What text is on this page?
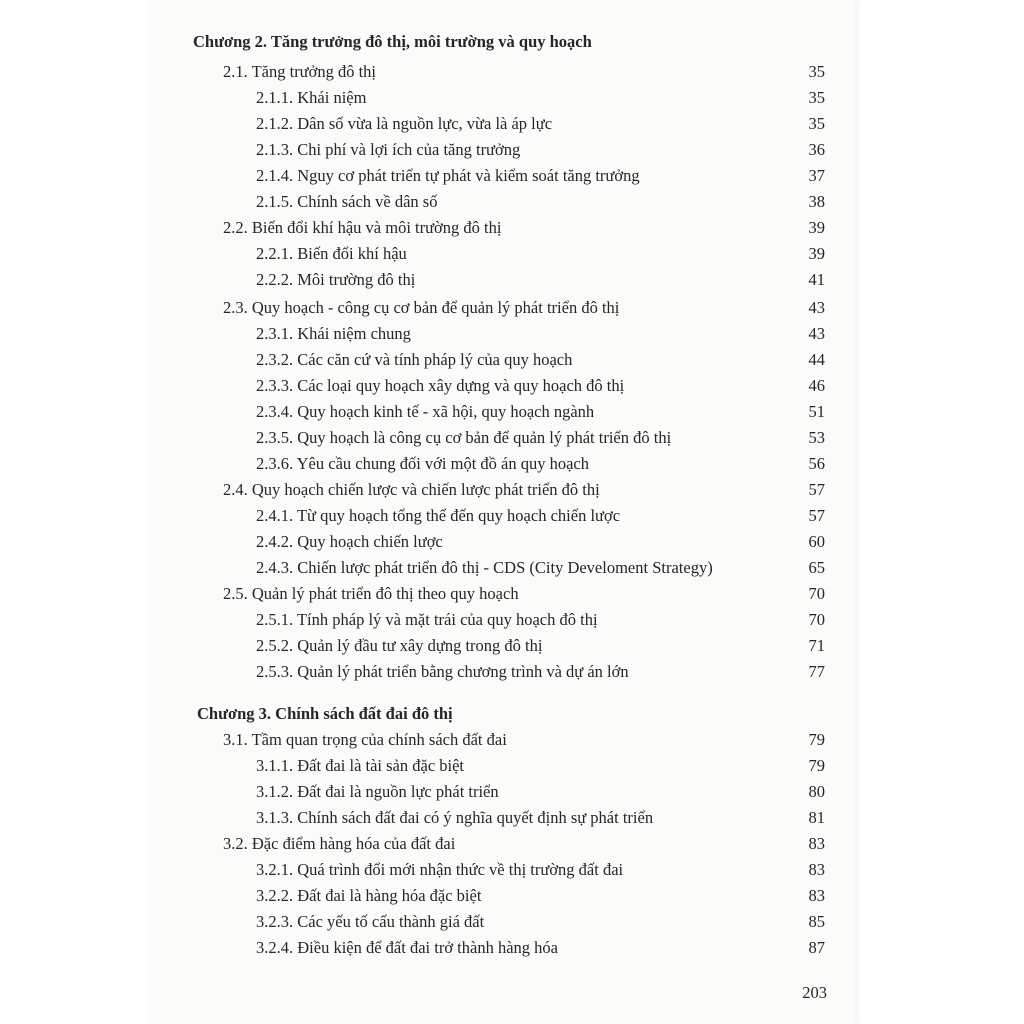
Chương 2. Tăng trưởng đô thị, môi trường và quy hoạch
2.1. Tăng trưởng đô thị	35
2.1.1. Khái niệm	35
2.1.2. Dân số vừa là nguồn lực, vừa là áp lực	35
2.1.3. Chi phí và lợi ích của tăng trưởng	36
2.1.4. Nguy cơ phát triển tự phát và kiểm soát tăng trưởng	37
2.1.5. Chính sách về dân số	38
2.2. Biến đổi khí hậu và môi trường đô thị	39
2.2.1. Biến đổi khí hậu	39
2.2.2. Môi trường đô thị	41
2.3. Quy hoạch - công cụ cơ bản để quản lý phát triển đô thị	43
2.3.1. Khái niệm chung	43
2.3.2. Các căn cứ và tính pháp lý của quy hoạch	44
2.3.3. Các loại quy hoạch xây dựng và quy hoạch đô thị	46
2.3.4. Quy hoạch kinh tế - xã hội, quy hoạch ngành	51
2.3.5. Quy hoạch là công cụ cơ bản để quản lý phát triển đô thị	53
2.3.6. Yêu cầu chung đối với một đồ án quy hoạch	56
2.4. Quy hoạch chiến lược và chiến lược phát triển đô thị	57
2.4.1. Từ quy hoạch tổng thể đến quy hoạch chiến lược	57
2.4.2. Quy hoạch chiến lược	60
2.4.3. Chiến lược phát triển đô thị - CDS (City Develoment Strategy)	65
2.5. Quản lý phát triển đô thị theo quy hoạch	70
2.5.1. Tính pháp lý và mặt trái của quy hoạch đô thị	70
2.5.2. Quản lý đầu tư xây dựng trong đô thị	71
2.5.3. Quản lý phát triển bằng chương trình và dự án lớn	77
Chương 3. Chính sách đất đai đô thị
3.1. Tầm quan trọng của chính sách đất đai	79
3.1.1. Đất đai là tài sản đặc biệt	79
3.1.2. Đất đai là nguồn lực phát triển	80
3.1.3. Chính sách đất đai có ý nghĩa quyết định sự phát triển	81
3.2. Đặc điểm hàng hóa của đất đai	83
3.2.1. Quá trình đổi mới nhận thức về thị trường đất đai	83
3.2.2. Đất đai là hàng hóa đặc biệt	83
3.2.3. Các yếu tố cấu thành giá đất	85
3.2.4. Điều kiện để đất đai trở thành hàng hóa	87
203
